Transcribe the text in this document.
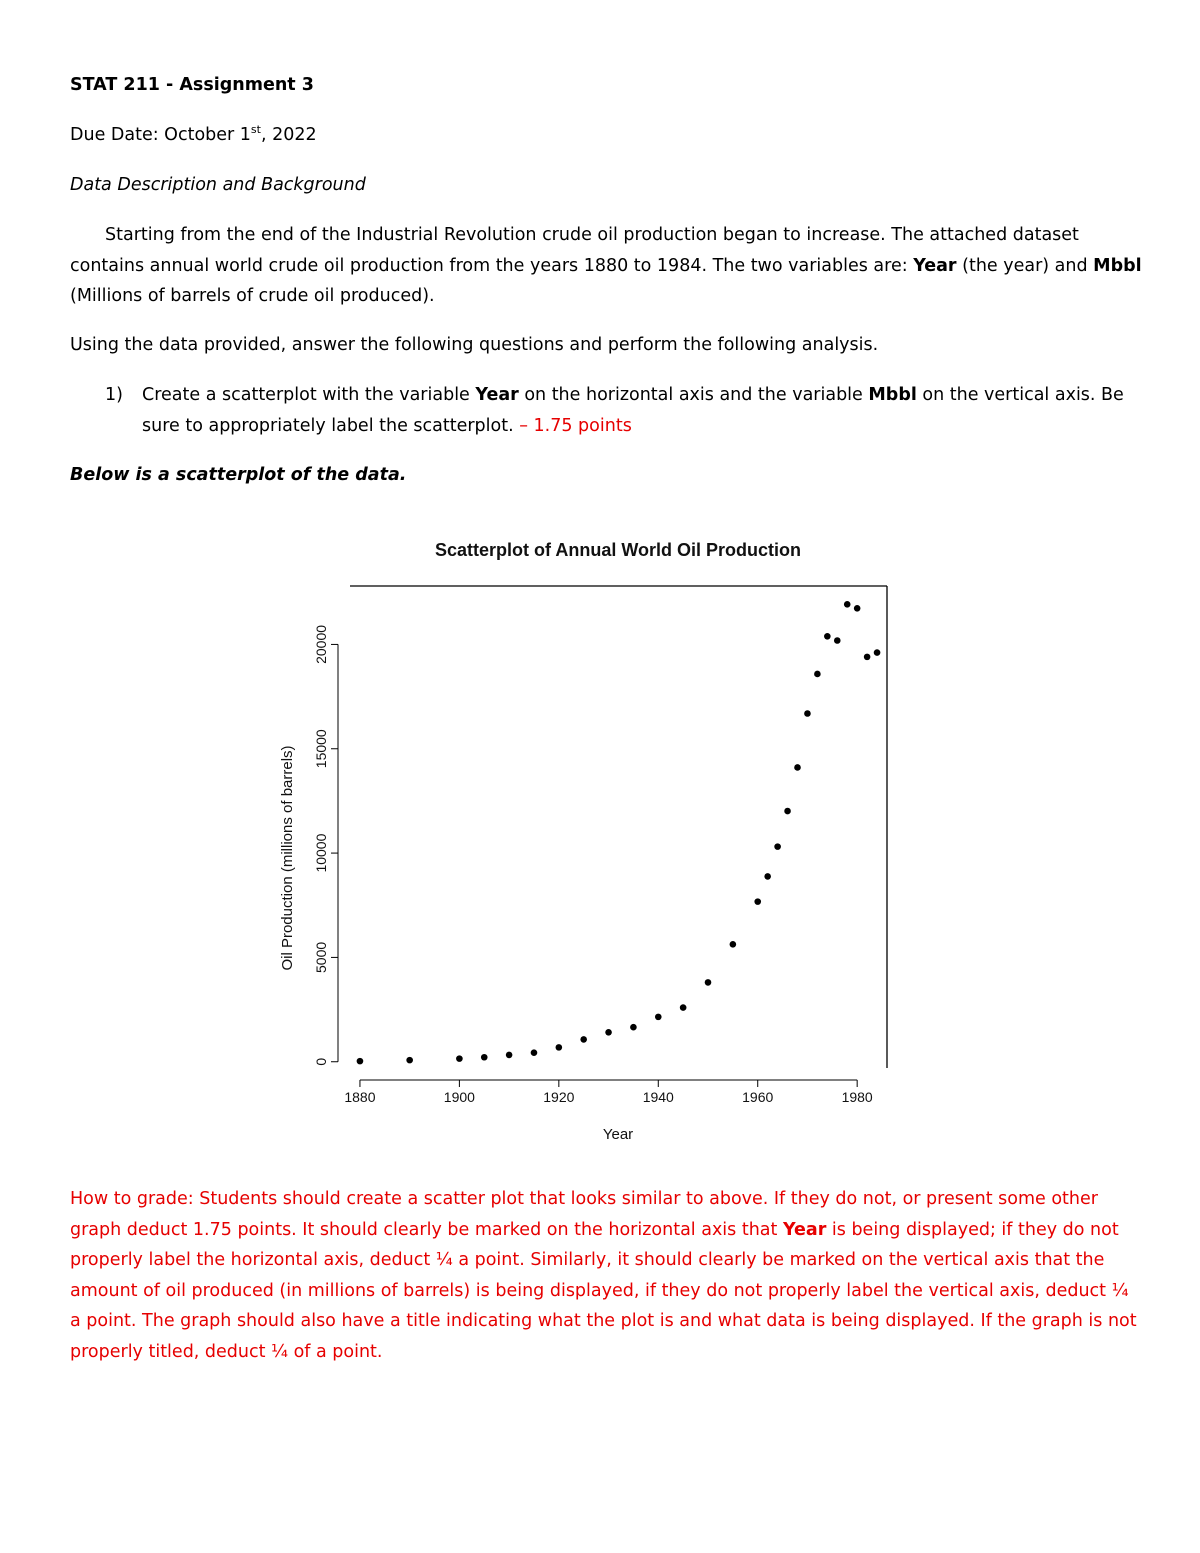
STAT 211 - Assignment 3
Due Date: October 1st, 2022
Data Description and Background
Starting from the end of the Industrial Revolution crude oil production began to increase. The attached dataset contains annual world crude oil production from the years 1880 to 1984. The two variables are: Year (the year) and Mbbl (Millions of barrels of crude oil produced).
Using the data provided, answer the following questions and perform the following analysis.
1) Create a scatterplot with the variable Year on the horizontal axis and the variable Mbbl on the vertical axis. Be sure to appropriately label the scatterplot. – 1.75 points
Below is a scatterplot of the data.
Scatterplot of Annual World Oil Production
1880	1900	1920	1940	1960	1980
0
5000
10000
15000
20000
Year
Oil Production (millions of barrels)
How to grade: Students should create a scatter plot that looks similar to above. If they do not, or present some other graph deduct 1.75 points. It should clearly be marked on the horizontal axis that Year is being displayed; if they do not properly label the horizontal axis, deduct ¼ a point. Similarly, it should clearly be marked on the vertical axis that the amount of oil produced (in millions of barrels) is being displayed, if they do not properly label the vertical axis, deduct ¼ a point. The graph should also have a title indicating what the plot is and what data is being displayed. If the graph is not properly titled, deduct ¼ of a point.
